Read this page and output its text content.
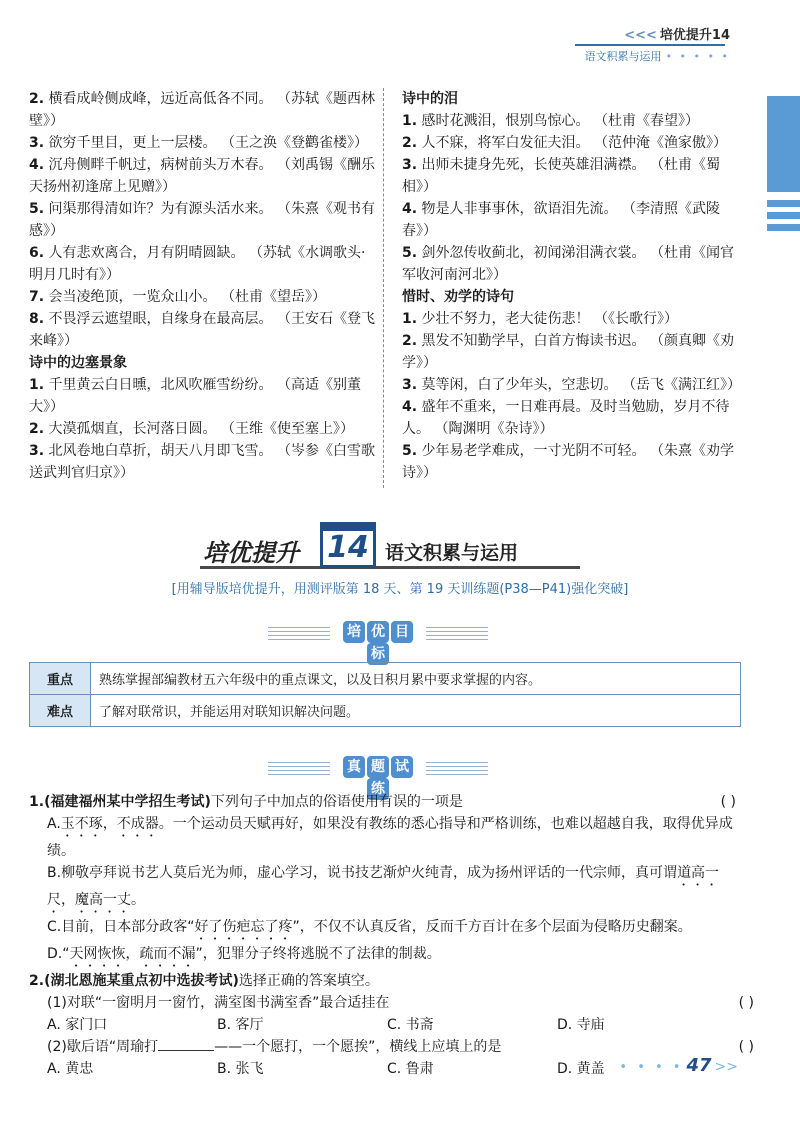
<<< 培优提升14
语文积累与运用 • • • • •
2. 横看成岭侧成峰，远近高低各不同。 （苏轼《题西林壁》）
3. 欲穷千里目，更上一层楼。 （王之涣《登鹳雀楼》）
4. 沉舟侧畔千帆过，病树前头万木春。 （刘禹锡《酬乐天扬州初逢席上见赠》）
5. 问渠那得清如许？为有源头活水来。 （朱熹《观书有感》）
6. 人有悲欢离合，月有阴晴圆缺。 （苏轼《水调歌头·明月几时有》）
7. 会当凌绝顶，一览众山小。 （杜甫《望岳》）
8. 不畏浮云遮望眼，自缘身在最高层。 （王安石《登飞来峰》）
诗中的边塞景象
1. 千里黄云白日曛，北风吹雁雪纷纷。 （高适《别董大》）
2. 大漠孤烟直，长河落日圆。 （王维《使至塞上》）
3. 北风卷地白草折，胡天八月即飞雪。 （岑参《白雪歌送武判官归京》）
诗中的泪
1. 感时花溅泪，恨别鸟惊心。 （杜甫《春望》）
2. 人不寐，将军白发征夫泪。 （范仲淹《渔家傲》）
3. 出师未捷身先死，长使英雄泪满襟。 （杜甫《蜀相》）
4. 物是人非事事休，欲语泪先流。 （李清照《武陵春》）
5. 剑外忽传收蓟北，初闻涕泪满衣裳。 （杜甫《闻官军收河南河北》）
惜时、劝学的诗句
1. 少壮不努力，老大徒伤悲！ （《长歌行》）
2. 黑发不知勤学早，白首方悔读书迟。 （颜真卿《劝学》）
3. 莫等闲，白了少年头，空悲切。 （岳飞《满江红》）
4. 盛年不重来，一日难再晨。及时当勉励，岁月不待人。 （陶渊明《杂诗》）
5. 少年易老学难成，一寸光阴不可轻。 （朱熹《劝学诗》）
培优提升 14 语文积累与运用
[用辅导版培优提升，用测评版第 18 天、第 19 天训练题(P38—P41)强化突破]
培 优 目标
重点	熟练掌握部编教材五六年级中的重点课文，以及日积月累中要求掌握的内容。
难点	了解对联常识，并能运用对联知识解决问题。
真 题 试练
1.(福建福州某中学招生考试)下列句子中加点的俗语使用有误的一项是	( )
A.玉不琢，不成器。一个运动员天赋再好，如果没有教练的悉心指导和严格训练，也难以超越自我，取得优异成绩。
B.柳敬亭拜说书艺人莫后光为师，虚心学习，说书技艺渐炉火纯青，成为扬州评话的一代宗师，真可谓道高一尺，魔高一丈。
C.目前，日本部分政客“好了伤疤忘了疼”，不仅不认真反省，反而千方百计在多个层面为侵略历史翻案。
D.“天网恢恢，疏而不漏”，犯罪分子终将逃脱不了法律的制裁。
2.(湖北恩施某重点初中选拔考试)选择正确的答案填空。
(1)对联“一窗明月一窗竹，满室图书满室香”最合适挂在	( )
A. 家门口	B. 客厅	C. 书斋	D. 寺庙
(2)歇后语“周瑜打	——一个愿打，一个愿挨”，横线上应填上的是	( )
A. 黄忠	B. 张飞	C. 鲁肃	D. 黄盖	• • • • 47 >>
